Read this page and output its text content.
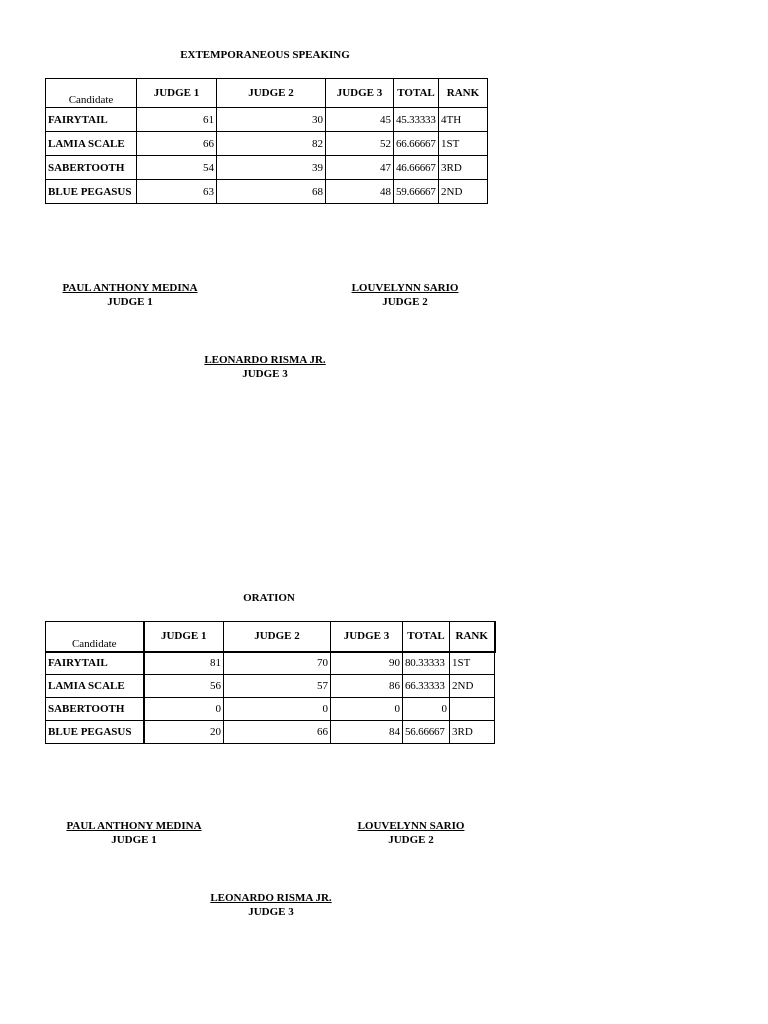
EXTEMPORANEOUS SPEAKING
Candidate	JUDGE 1	JUDGE 2	JUDGE 3	TOTAL	RANK
FAIRYTAIL	61	30	45	45.33333	4TH
LAMIA SCALE	66	82	52	66.66667	1ST
SABERTOOTH	54	39	47	46.66667	3RD
BLUE PEGASUS	63	68	48	59.66667	2ND
PAUL ANTHONY MEDINA
JUDGE 1
LOUVELYNN SARIO
JUDGE 2
LEONARDO RISMA JR.
JUDGE 3
ORATION
Candidate	JUDGE 1	JUDGE 2	JUDGE 3	TOTAL	RANK
FAIRYTAIL	81	70	90	80.33333	1ST
LAMIA SCALE	56	57	86	66.33333	2ND
SABERTOOTH	0	0	0	0	
BLUE PEGASUS	20	66	84	56.66667	3RD
PAUL ANTHONY MEDINA
JUDGE 1
LOUVELYNN SARIO
JUDGE 2
LEONARDO RISMA JR.
JUDGE 3
